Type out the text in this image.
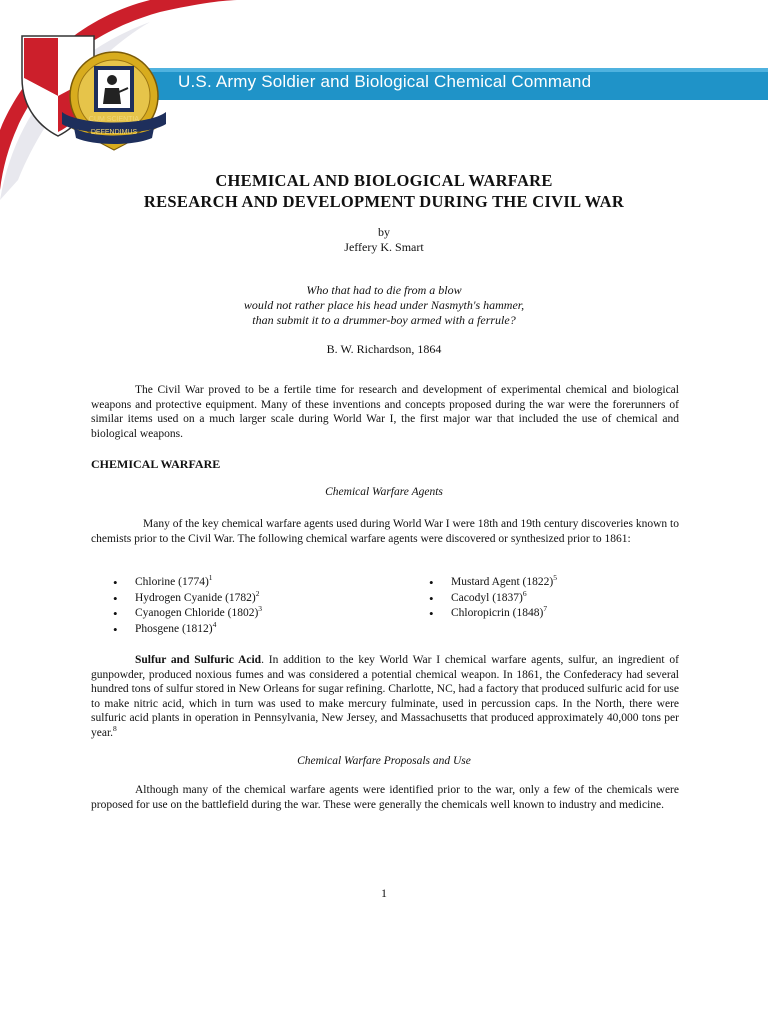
CUM SCIENTIA
DEFENDIMUS
U.S. Army Soldier and Biological Chemical Command
CHEMICAL AND BIOLOGICAL WARFARE
RESEARCH AND DEVELOPMENT DURING THE CIVIL WAR
by
Jeffery K. Smart
Who that had to die from a blow
would not rather place his head under Nasmyth's hammer,
than submit it to a drummer-boy armed with a ferrule?
B. W. Richardson, 1864

The Civil War proved to be a fertile time for research and development of experimental chemical and biological weapons and protective equipment. Many of these inventions and concepts proposed during the war were the forerunners of similar items used on a much larger scale during World War I, the first major war that included the use of chemical and biological weapons.

CHEMICAL WARFARE
Chemical Warfare Agents

Many of the key chemical warfare agents used during World War I were 18th and 19th century discoveries known to chemists prior to the Civil War. The following chemical warfare agents were discovered or synthesized prior to 1861:

• Chlorine $(1774)^1$
• Hydrogen Cyanide $(1782)^2$
• Cyanogen Chloride $(1802)^3$
• Phosgene $(1812)^4$
• Mustard Agent $(1822)^5$
• Cacodyl $(1837)^6$
• Chloropicrin $(1848)^7$

Sulfur and Sulfuric Acid. In addition to the key World War I chemical warfare agents, sulfur, an ingredient of gunpowder, produced noxious fumes and was considered a potential chemical weapon. In 1861, the Confederacy had several hundred tons of sulfur stored in New Orleans for sugar refining. Charlotte, NC, had a factory that produced sulfuric acid for use to make nitric acid, which in turn was used to make mercury fulminate, used in percussion caps. In the North, there were sulfuric acid plants in operation in Pennsylvania, New Jersey, and Massachusetts that produced approximately 40,000 tons per year.$^8$

Chemical Warfare Proposals and Use

Although many of the chemical warfare agents were identified prior to the war, only a few of the chemicals were proposed for use on the battlefield during the war. These were generally the chemicals well known to industry and medicine.

1
